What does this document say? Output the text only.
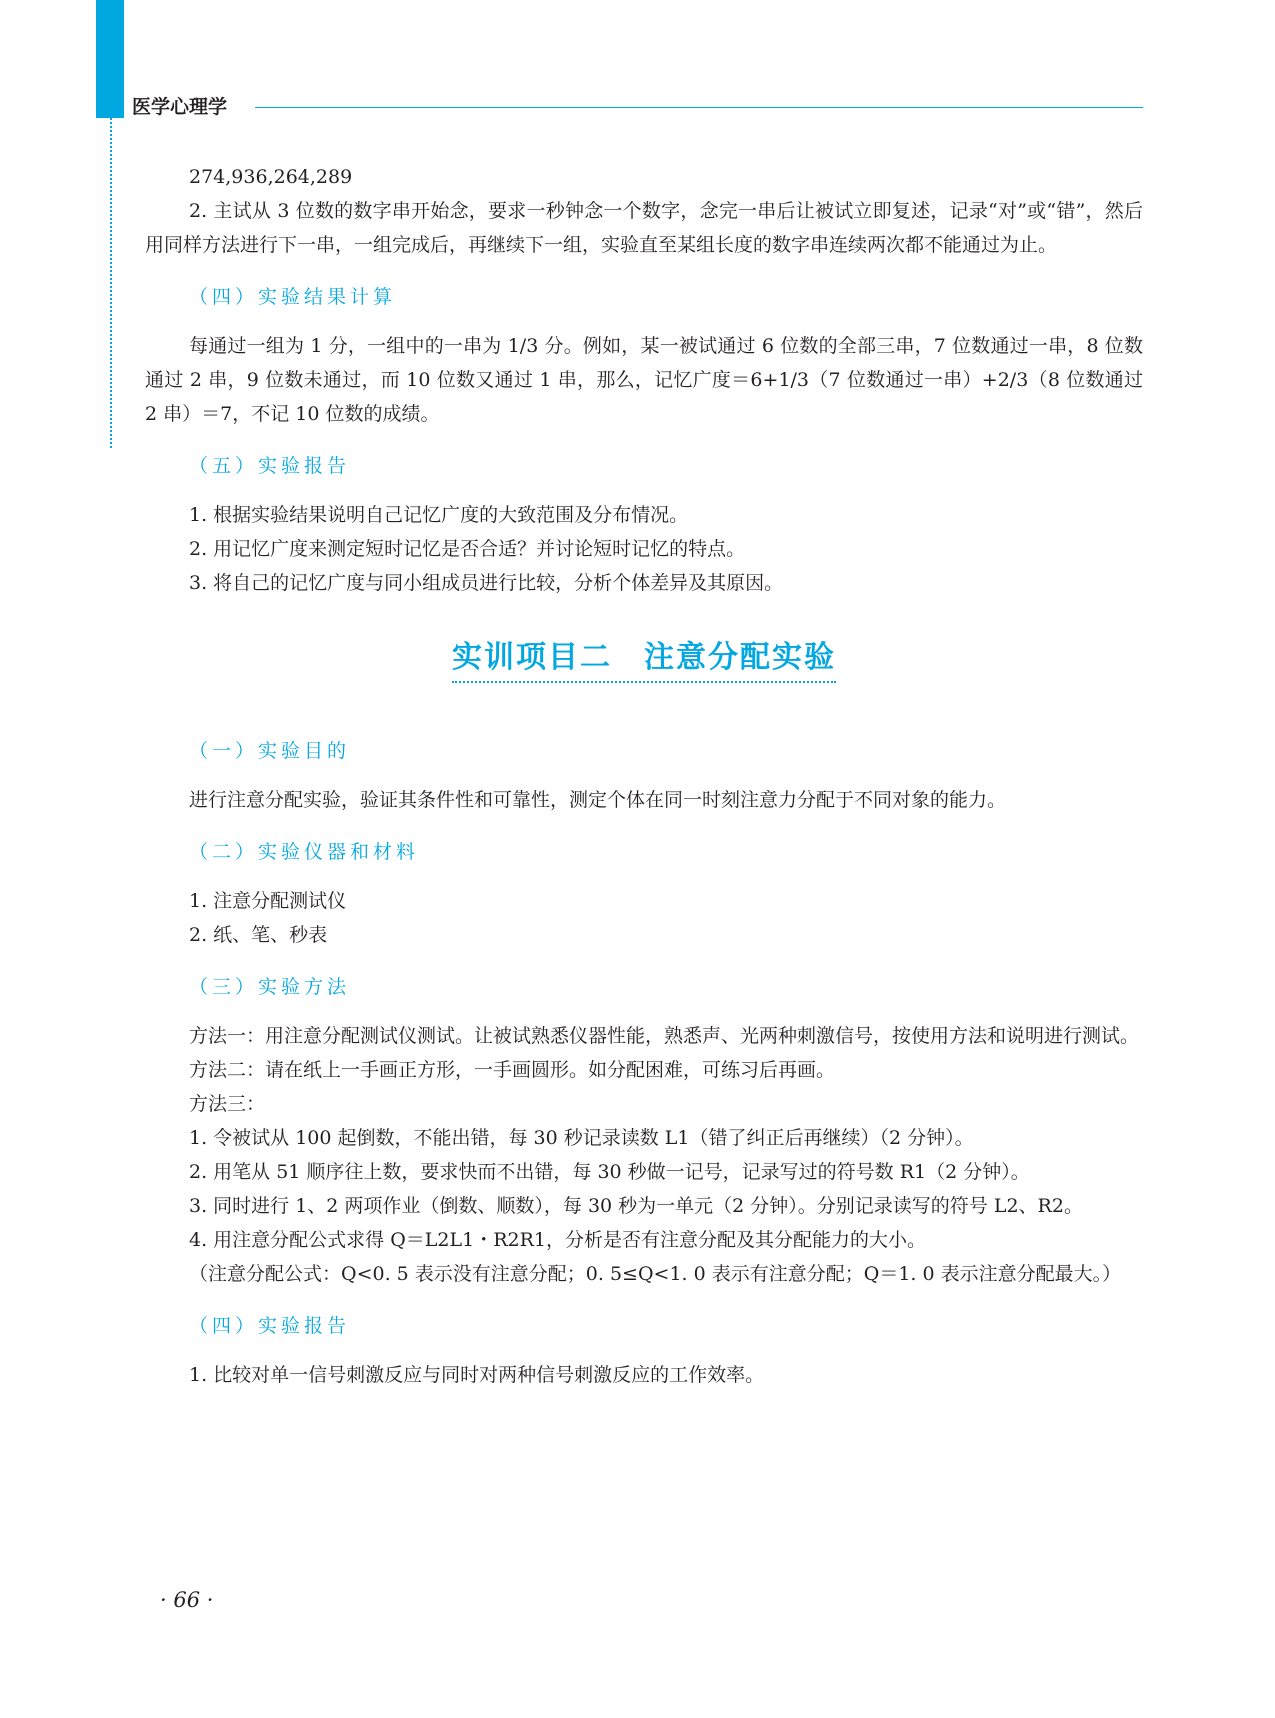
医学心理学

274,936,264,289

2. 主试从 3 位数的数字串开始念，要求一秒钟念一个数字，念完一串后让被试立即复述，记录“对”或“错”，然后用同样方法进行下一串，一组完成后，再继续下一组，实验直至某组长度的数字串连续两次都不能通过为止。

（四）实验结果计算

每通过一组为 1 分，一组中的一串为 1/3 分。例如，某一被试通过 6 位数的全部三串，7 位数通过一串，8 位数通过 2 串，9 位数未通过，而 10 位数又通过 1 串，那么，记忆广度＝6+1/3（7 位数通过一串）+2/3（8 位数通过 2 串）＝7，不记 10 位数的成绩。

（五）实验报告

1. 根据实验结果说明自己记忆广度的大致范围及分布情况。

2. 用记忆广度来测定短时记忆是否合适？并讨论短时记忆的特点。

3. 将自己的记忆广度与同小组成员进行比较，分析个体差异及其原因。

实训项目二　注意分配实验
（一）实验目的

进行注意分配实验，验证其条件性和可靠性，测定个体在同一时刻注意力分配于不同对象的能力。

（二）实验仪器和材料

1. 注意分配测试仪

2. 纸、笔、秒表

（三）实验方法

方法一：用注意分配测试仪测试。让被试熟悉仪器性能，熟悉声、光两种刺激信号，按使用方法和说明进行测试。

方法二：请在纸上一手画正方形，一手画圆形。如分配困难，可练习后再画。

方法三：

1. 令被试从 100 起倒数，不能出错，每 30 秒记录读数 L1（错了纠正后再继续）（2 分钟）。

2. 用笔从 51 顺序往上数，要求快而不出错，每 30 秒做一记号，记录写过的符号数 R1（2 分钟）。

3. 同时进行 1、2 两项作业（倒数、顺数），每 30 秒为一单元（2 分钟）。分别记录读写的符号 L2、R2。

4. 用注意分配公式求得 Q＝L2L1・R2R1，分析是否有注意分配及其分配能力的大小。

（注意分配公式：Q<0. 5 表示没有注意分配；0. 5≤Q<1. 0 表示有注意分配；Q＝1. 0 表示注意分配最大。）

（四）实验报告

1. 比较对单一信号刺激反应与同时对两种信号刺激反应的工作效率。

· 66 ·
